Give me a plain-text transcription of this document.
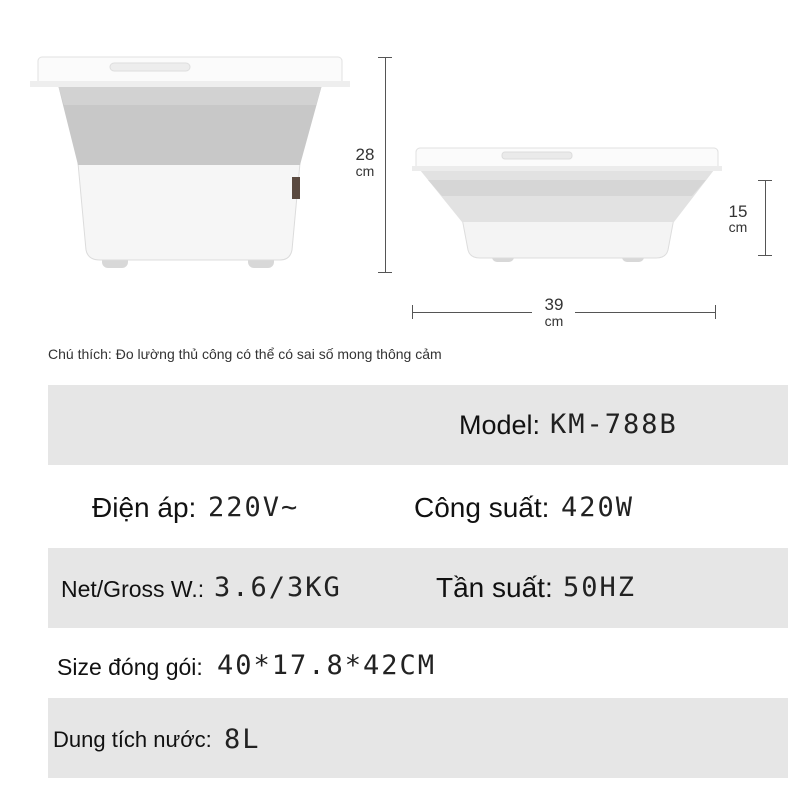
28
cm
15
cm
39
cm
Chú thích: Đo lường thủ công có thể có sai số mong thông cảm
Model: KM-788B
Điện áp: 220V~	Công suất: 420W
Net/Gross W.: 3.6/3KG	Tần suất: 50HZ
Size đóng gói: 40*17.8*42CM
Dung tích nước: 8L
